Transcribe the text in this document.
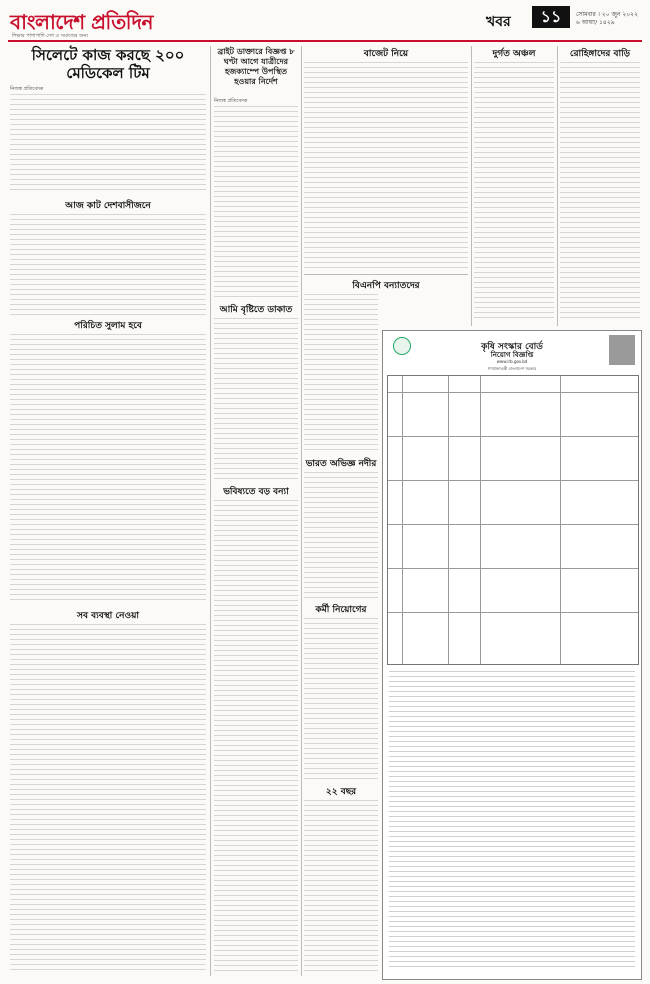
বাংলাদেশ প্রতিদিন
শিক্ষার পাশাপাশি দেশ ও সমাজের জন্য
খবর	১১	সোমবার । ২০ জুন ২০২২
৬ আষাঢ় ১৪২৯
সিলেটে কাজ করছে ২০০ মেডিকেল টিম
নিজস্ব প্রতিবেদক
আজ কাট দেশবাসীজনে
পরিচিত সুলাম হবে
সব ব্যবস্থা নেওয়া
ব্রাইট ডাক্তারে বিজ্ঞপ্ত ৮ ঘণ্টা আগে যাত্রীদের হজক্যাম্পে উপস্থিত হওয়ার নির্দেশ
নিজস্ব প্রতিবেদক
আমি বৃষ্টিতে ডাকাত
ভবিষ্যতে বড় বন্যা
বাজেট নিয়ে
বিএনপি বন্যাতদের
ভারত অভিজ্ঞ নদীর
কর্মী নিয়োগের
২২ বছর
দুর্গত অঞ্চল	রোহিঙ্গাদের বাড়ি
কৃষি সংস্কার বোর্ড
নিয়োগ বিজ্ঞপ্তি
www.lrb.gov.bd
গণপ্রজাতন্ত্রী বাংলাদেশ সরকার
